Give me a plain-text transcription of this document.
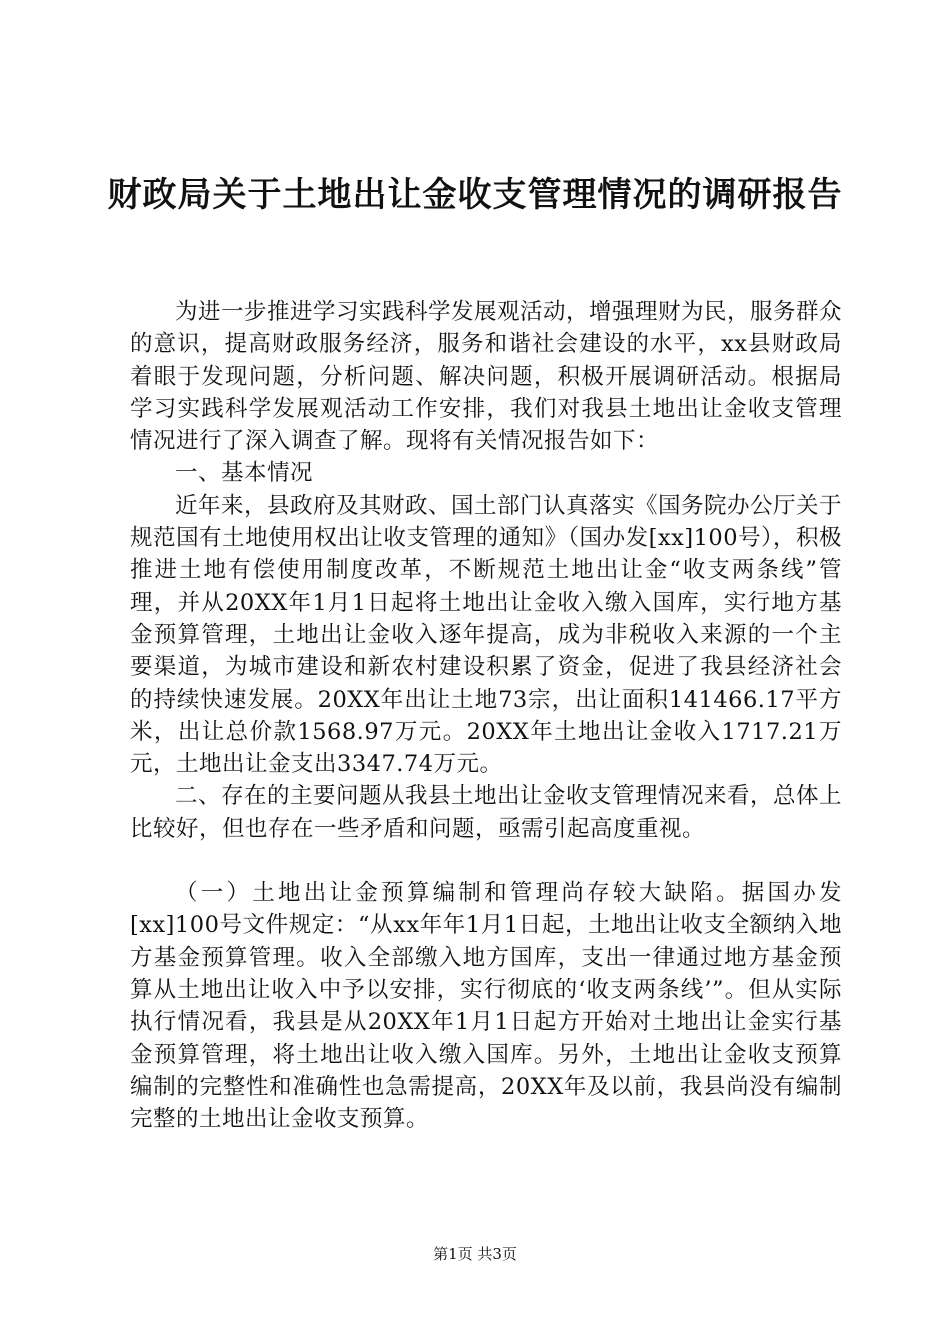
财政局关于土地出让金收支管理情况的调研报告

为进一步推进学习实践科学发展观活动，增强理财为民，服务群众的意识，提高财政服务经济，服务和谐社会建设的水平，xx县财政局着眼于发现问题，分析问题、解决问题，积极开展调研活动。根据局学习实践科学发展观活动工作安排，我们对我县土地出让金收支管理情况进行了深入调查了解。现将有关情况报告如下：

一、基本情况

近年来，县政府及其财政、国土部门认真落实《国务院办公厅关于规范国有土地使用权出让收支管理的通知》（国办发[xx]100号），积极推进土地有偿使用制度改革，不断规范土地出让金“收支两条线”管理，并从20XX年1月1日起将土地出让金收入缴入国库，实行地方基金预算管理，土地出让金收入逐年提高，成为非税收入来源的一个主要渠道，为城市建设和新农村建设积累了资金，促进了我县经济社会的持续快速发展。20XX年出让土地73宗，出让面积141466.17平方米，出让总价款1568.97万元。20XX年土地出让金收入1717.21万元，土地出让金支出3347.74万元。

二、存在的主要问题从我县土地出让金收支管理情况来看，总体上比较好，但也存在一些矛盾和问题，亟需引起高度重视。

（一）土地出让金预算编制和管理尚存较大缺陷。据国办发[xx]100号文件规定：“从xx年年1月1日起，土地出让收支全额纳入地方基金预算管理。收入全部缴入地方国库，支出一律通过地方基金预算从土地出让收入中予以安排，实行彻底的‘收支两条线’”。但从实际执行情况看，我县是从20XX年1月1日起方开始对土地出让金实行基金预算管理，将土地出让收入缴入国库。另外，土地出让金收支预算编制的完整性和准确性也急需提高，20XX年及以前，我县尚没有编制完整的土地出让金收支预算。

第1页 共3页
